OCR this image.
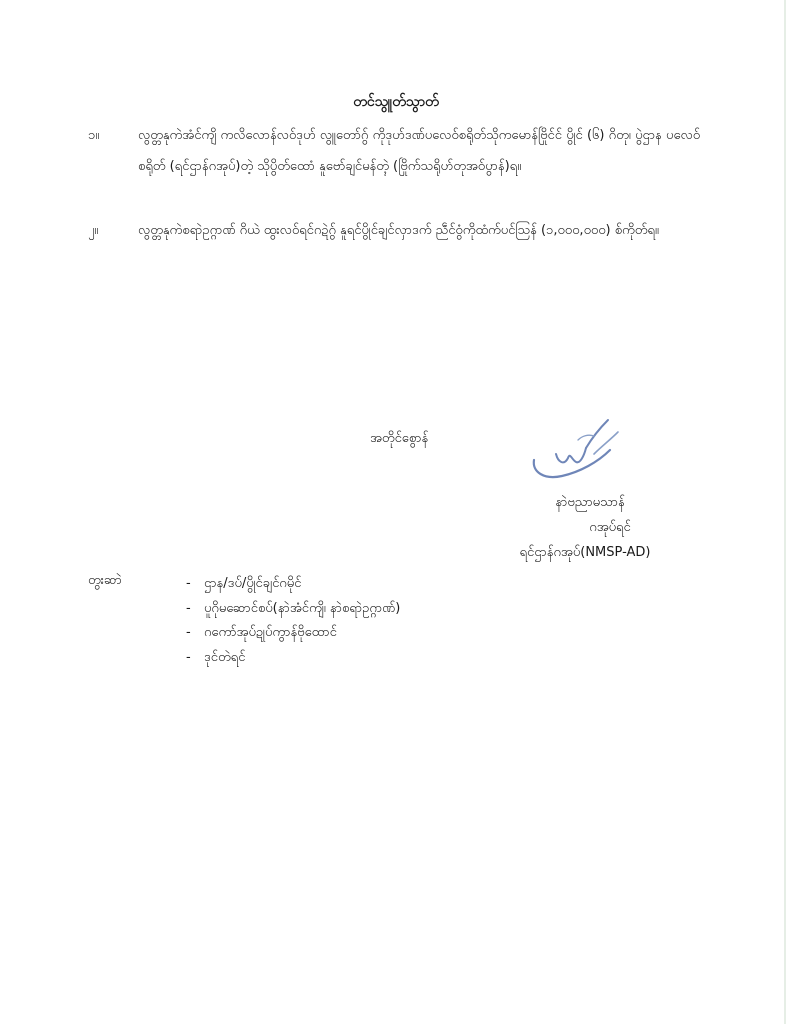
တင်သွူတ်သွာတ်
၁။	လွတ္တနုကဲအံင်ကျိ ကလိလောန်လဝ်ဒုဟ် လွူတော်ဂွ် ကိုဒုဟ်ဒဏ်ပလေဝ်စရိုတ်သိုကမောန်ဗြိုင်င် ပွိုင် (၆) ဂိတု၊ ပွဲဌာန ပလေဝ်စရိုတ် (ရင်ဌာန်ဂအုပ်)တဲ့ သိုပွိတ်ထောံ နူဗော်ချင်မန်တ္ၚဲ (ဗြိုက်သရိုဟ်တုအဝ်ပွာန်)ရ။
၂။	လွတ္တနုကဲစရာဲဥဂ္ဂာဏ် ဂိယဲ ထွးလဝ်ရင်ဂဍဲဂွ် နူရင်ပွိုင်ချင်လှာဒက် ညဵင်ဝွံကိုထံက်ပင်ဩန် (၁,၀၀၀,၀၀၀) စ်ကိုတ်ရ။
အတိုင်စွောန်
နာဲဗညာမသာန်
ဂအုပ်ရင်
ရင်ဌာန်ဂအုပ်(NMSP-AD)
တွးဆာဲ	- ဌာန/ဒပ်/ပွိုင်ချင်ဂမိုင်
- ပူဂိုမဆောင်စပ်(နာဲအံင်ကျိ၊ နာဲစရာဲဥဂ္ဂာဏ်)
- ဂကော်အုပ်ဍုပ်ကွာန်ဗိုထောင်
- ဒုင်တဲရင်
